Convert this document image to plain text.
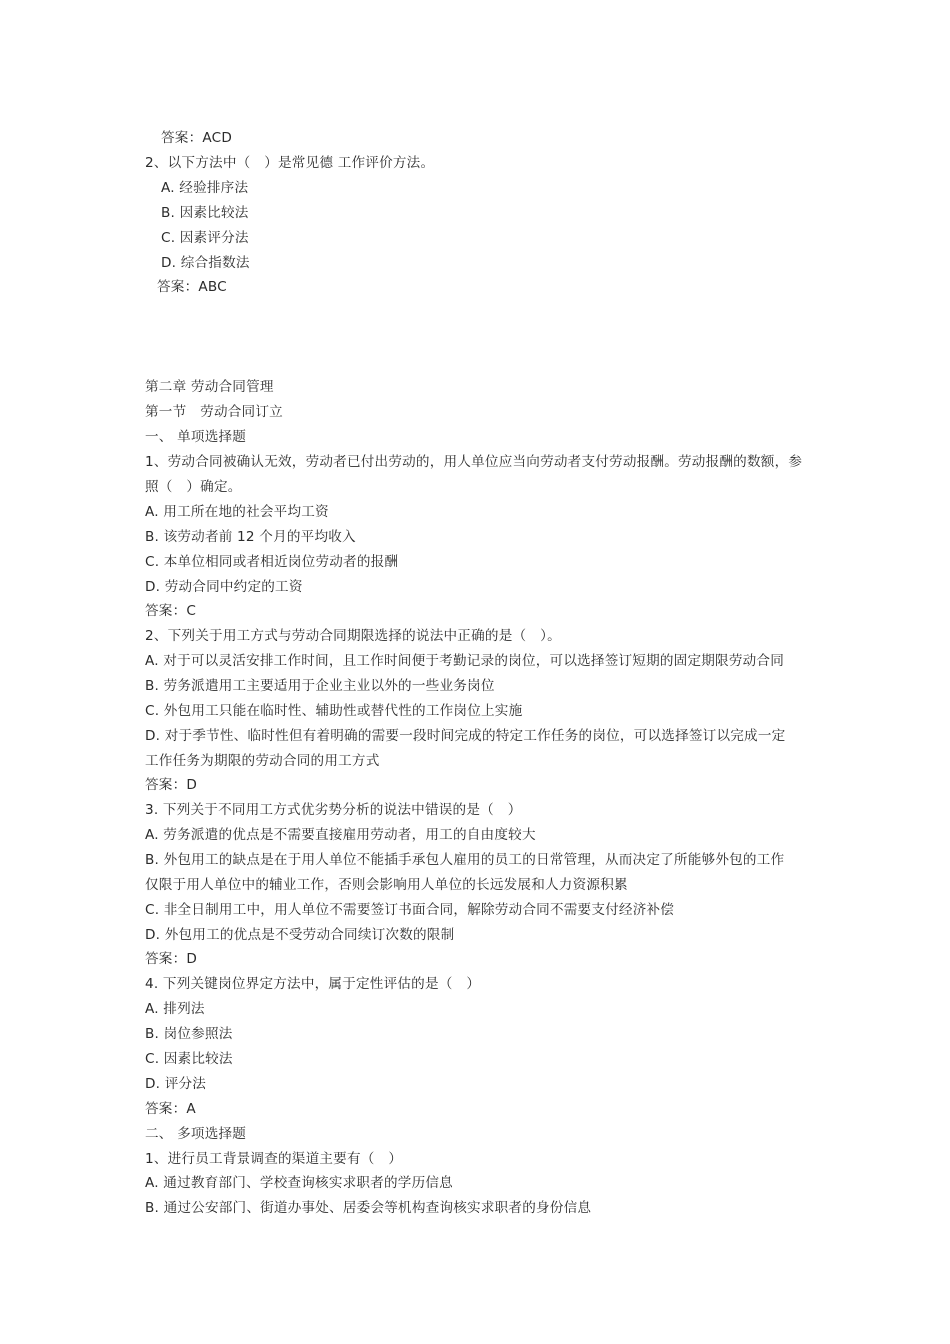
答案：ACD
2、以下方法中（　）是常见德 工作评价方法。
A. 经验排序法
B. 因素比较法
C. 因素评分法
D. 综合指数法
答案：ABC
第二章 劳动合同管理
第一节　劳动合同订立
一、 单项选择题
1、劳动合同被确认无效，劳动者已付出劳动的，用人单位应当向劳动者支付劳动报酬。劳动报酬的数额，参
照（　）确定。
A. 用工所在地的社会平均工资
B. 该劳动者前 12 个月的平均收入
C. 本单位相同或者相近岗位劳动者的报酬
D. 劳动合同中约定的工资
答案：C
2、下列关于用工方式与劳动合同期限选择的说法中正确的是（　）。
A. 对于可以灵活安排工作时间，且工作时间便于考勤记录的岗位，可以选择签订短期的固定期限劳动合同
B. 劳务派遣用工主要适用于企业主业以外的一些业务岗位
C. 外包用工只能在临时性、辅助性或替代性的工作岗位上实施
D. 对于季节性、临时性但有着明确的需要一段时间完成的特定工作任务的岗位，可以选择签订以完成一定
工作任务为期限的劳动合同的用工方式
答案：D
3. 下列关于不同用工方式优劣势分析的说法中错误的是（　）
A. 劳务派遣的优点是不需要直接雇用劳动者，用工的自由度较大
B. 外包用工的缺点是在于用人单位不能插手承包人雇用的员工的日常管理，从而决定了所能够外包的工作
仅限于用人单位中的辅业工作，否则会影响用人单位的长远发展和人力资源积累
C. 非全日制用工中，用人单位不需要签订书面合同，解除劳动合同不需要支付经济补偿
D. 外包用工的优点是不受劳动合同续订次数的限制
答案：D
4. 下列关键岗位界定方法中，属于定性评估的是（　）
A. 排列法
B. 岗位参照法
C. 因素比较法
D. 评分法
答案：A
二、 多项选择题
1、进行员工背景调查的渠道主要有（　）
A. 通过教育部门、学校查询核实求职者的学历信息
B. 通过公安部门、街道办事处、居委会等机构查询核实求职者的身份信息
